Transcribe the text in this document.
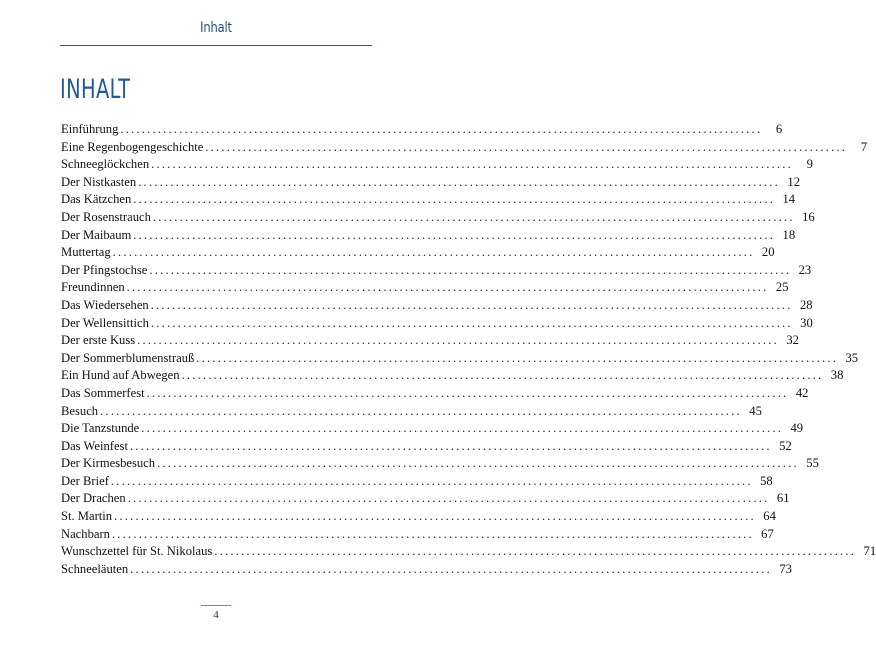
Inhalt
INHALT
Einführung ........................................................................................................................	6
Eine Regenbogengeschichte ........................................................................................................................	7
Schneeglöckchen ........................................................................................................................	9
Der Nistkasten ........................................................................................................................ 12
Das Kätzchen ........................................................................................................................ 14
Der Rosenstrauch ........................................................................................................................ 16
Der Maibaum ........................................................................................................................ 18
Muttertag ........................................................................................................................ 20
Der Pfingstochse ........................................................................................................................ 23
Freundinnen ........................................................................................................................ 25
Das Wiedersehen ........................................................................................................................ 28
Der Wellensittich ........................................................................................................................ 30
Der erste Kuss ........................................................................................................................ 32
Der Sommerblumenstrauß ........................................................................................................................ 35
Ein Hund auf Abwegen ........................................................................................................................ 38
Das Sommerfest ........................................................................................................................ 42
Besuch ........................................................................................................................ 45
Die Tanzstunde ........................................................................................................................ 49
Das Weinfest ........................................................................................................................ 52
Der Kirmesbesuch ........................................................................................................................ 55
Der Brief ........................................................................................................................ 58
Der Drachen ........................................................................................................................ 61
St. Martin ........................................................................................................................ 64
Nachbarn ........................................................................................................................ 67
Wunschzettel für St. Nikolaus ........................................................................................................................ 71
Schneeläuten ........................................................................................................................ 73
4
